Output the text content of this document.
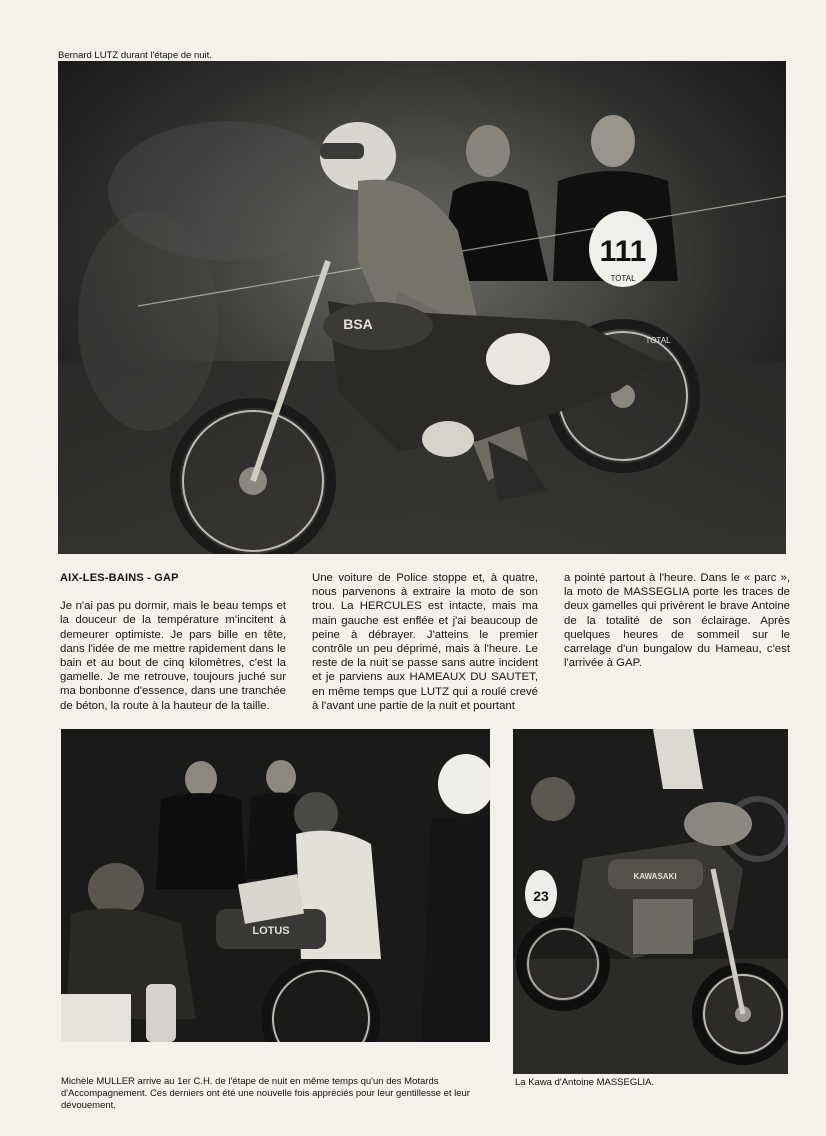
Bernard LUTZ durant l'étape de nuit.
111
TOTAL
BSA
TOTAL
AIX-LES-BAINS - GAP
Je n'ai pas pu dormir, mais le beau temps et la douceur de la température m'incitent à demeurer optimiste. Je pars bille en tête, dans l'idée de me mettre rapidement dans le bain et au bout de cinq kilomètres, c'est la gamelle. Je me retrouve, toujours juché sur ma bonbonne d'essence, dans une tranchée de béton, la route à la hauteur de la taille.
Une voiture de Police stoppe et, à quatre, nous parvenons à extraire la moto de son trou. La HERCULES est intacte, mais ma main gauche est enflée et j'ai beaucoup de peine à débrayer. J'atteins le premier contrôle un peu déprimé, mais à l'heure. Le reste de la nuit se passe sans autre incident et je parviens aux HAMEAUX DU SAUTET, en même temps que LUTZ qui a roulé crevé à l'avant une partie de la nuit et pourtant
a pointé partout à l'heure. Dans le « parc », la moto de MASSEGLIA porte les traces de deux gamelles qui privèrent le brave Antoine de la totalité de son éclairage. Après quelques heures de sommeil sur le carrelage d'un bungalow du Hameau, c'est l'arrivée à GAP.
LOTUS
KAWASAKI
23
Michèle MULLER arrive au 1er C.H. de l'étape de nuit en même temps qu'un des Motards d'Accompagnement. Ces derniers ont été une nouvelle fois appréciés pour leur gentillesse et leur dévouement.
La Kawa d'Antoine MASSEGLIA.
